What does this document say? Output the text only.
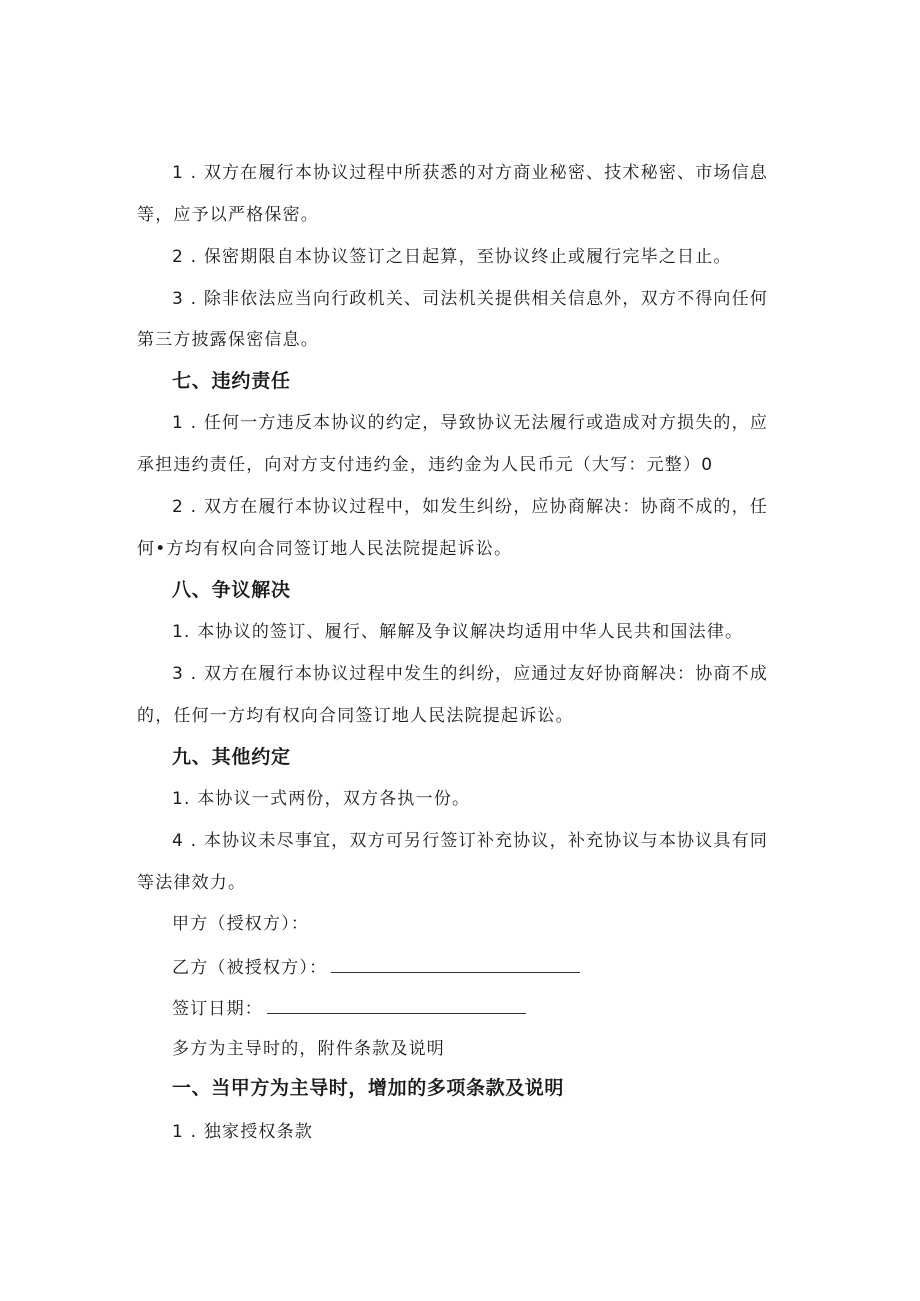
1 . 双方在履行本协议过程中所获悉的对方商业秘密、技术秘密、市场信息
等，应予以严格保密。
2 . 保密期限自本协议签订之日起算，至协议终止或履行完毕之日止。
3 . 除非依法应当向行政机关、司法机关提供相关信息外，双方不得向任何
第三方披露保密信息。
七、违约责任
1 . 任何一方违反本协议的约定，导致协议无法履行或造成对方损失的，应
承担违约责任，向对方支付违约金，违约金为人民币元（大写：元整）0
2 . 双方在履行本协议过程中，如发生纠纷，应协商解决：协商不成的，任
何•方均有权向合同签订地人民法院提起诉讼。
八、争议解决
1. 本协议的签订、履行、解解及争议解决均适用中华人民共和国法律。
3 . 双方在履行本协议过程中发生的纠纷，应通过友好协商解决：协商不成
的，任何一方均有权向合同签订地人民法院提起诉讼。
九、其他约定
1. 本协议一式两份，双方各执一份。
4 . 本协议未尽事宜，双方可另行签订补充协议，补充协议与本协议具有同
等法律效力。
甲方（授权方）：
乙方（被授权方）：
签订日期：
多方为主导时的，附件条款及说明
一、当甲方为主导时，增加的多项条款及说明
1 . 独家授权条款
